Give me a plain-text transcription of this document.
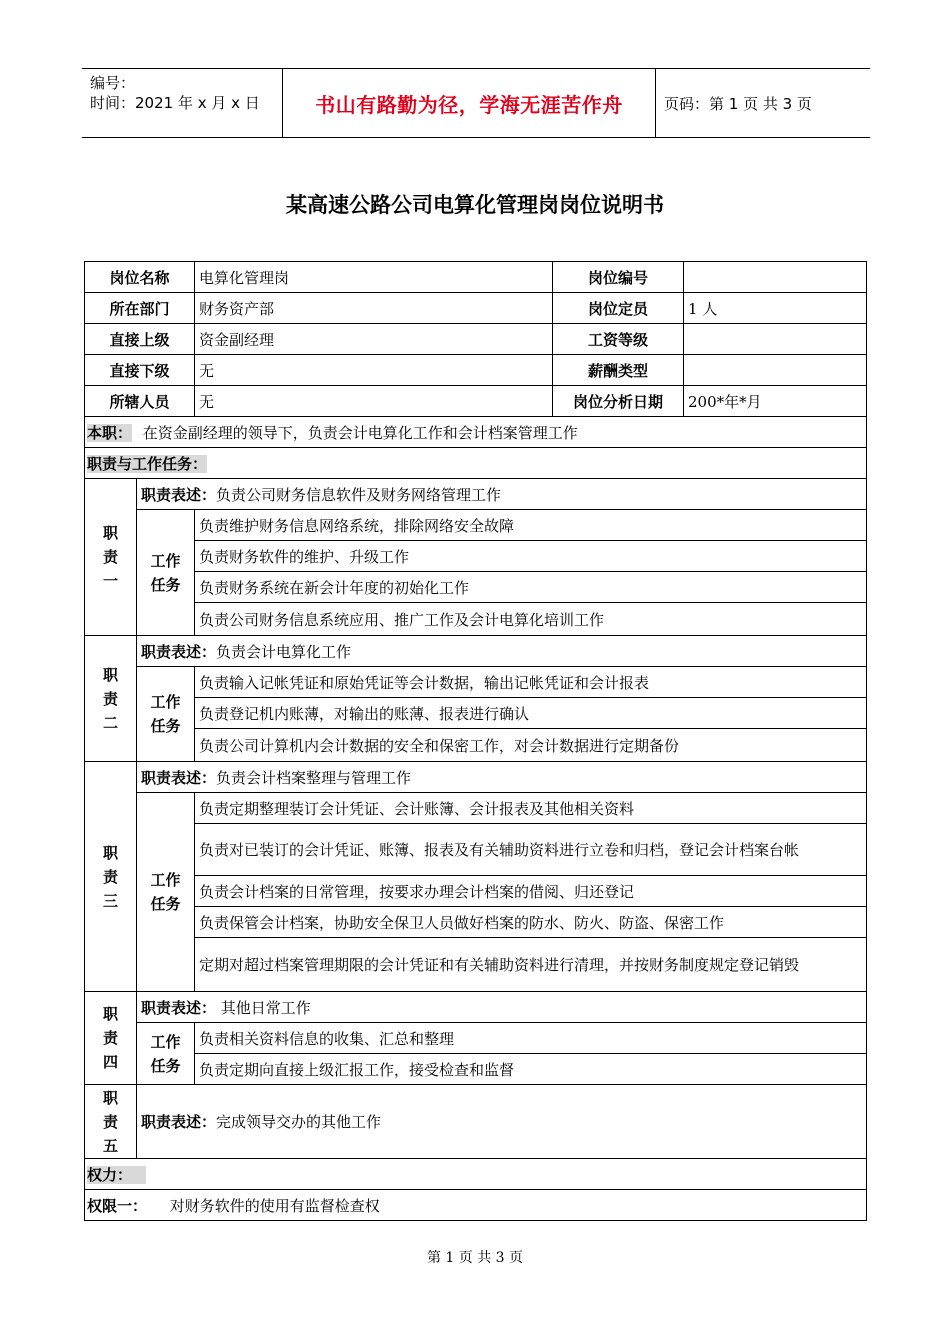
编号：
时间：2021 年 x 月 x 日	书山有路勤为径，学海无涯苦作舟	页码：第 1 页 共 3 页
某高速公路公司电算化管理岗岗位说明书
岗位名称		电算化管理岗	岗位编号	
所在部门		财务资产部	岗位定员	1 人
直接上级		资金副经理	工资等级	
直接下级		无	薪酬类型	
所辖人员		无	岗位分析日期	200*年*月
本职： 在资金副经理的领导下，负责会计电算化工作和会计档案管理工作				
职责与工作任务：				

职
责
一	职责表述：负责公司财务信息软件及财务网络管理工作			

	工作
任务	负责维护财务信息网络系统，排除网络安全故障		
		负责财务软件的维护、升级工作		
		负责财务系统在新会计年度的初始化工作		
		负责公司财务信息系统应用、推广工作及会计电算化培训工作		

职
责
二	职责表述：负责会计电算化工作			

	工作
任务	负责输入记帐凭证和原始凭证等会计数据，输出记帐凭证和会计报表		
		负责登记机内账薄，对输出的账薄、报表进行确认		
		负责公司计算机内会计数据的安全和保密工作，对会计数据进行定期备份		

职
责
三	职责表述：负责会计档案整理与管理工作			

	工作
任务	负责定期整理装订会计凭证、会计账簿、会计报表及其他相关资料		
		负责对已装订的会计凭证、账簿、报表及有关辅助资料进行立卷和归档，登记会计档案台帐		
		负责会计档案的日常管理，按要求办理会计档案的借阅、归还登记		
		负责保管会计档案，协助安全保卫人员做好档案的防水、防火、防盗、保密工作		
		定期对超过档案管理期限的会计凭证和有关辅助资料进行清理，并按财务制度规定登记销毁		

职
责
四	职责表述： 其他日常工作			

	工作
任务	负责相关资料信息的收集、汇总和整理		
		负责定期向直接上级汇报工作，接受检查和监督		

职
责
五	职责表述：完成领导交办的其他工作			
权力：				
权限一： 对财务软件的使用有监督检查权				
第 1 页 共 3 页
